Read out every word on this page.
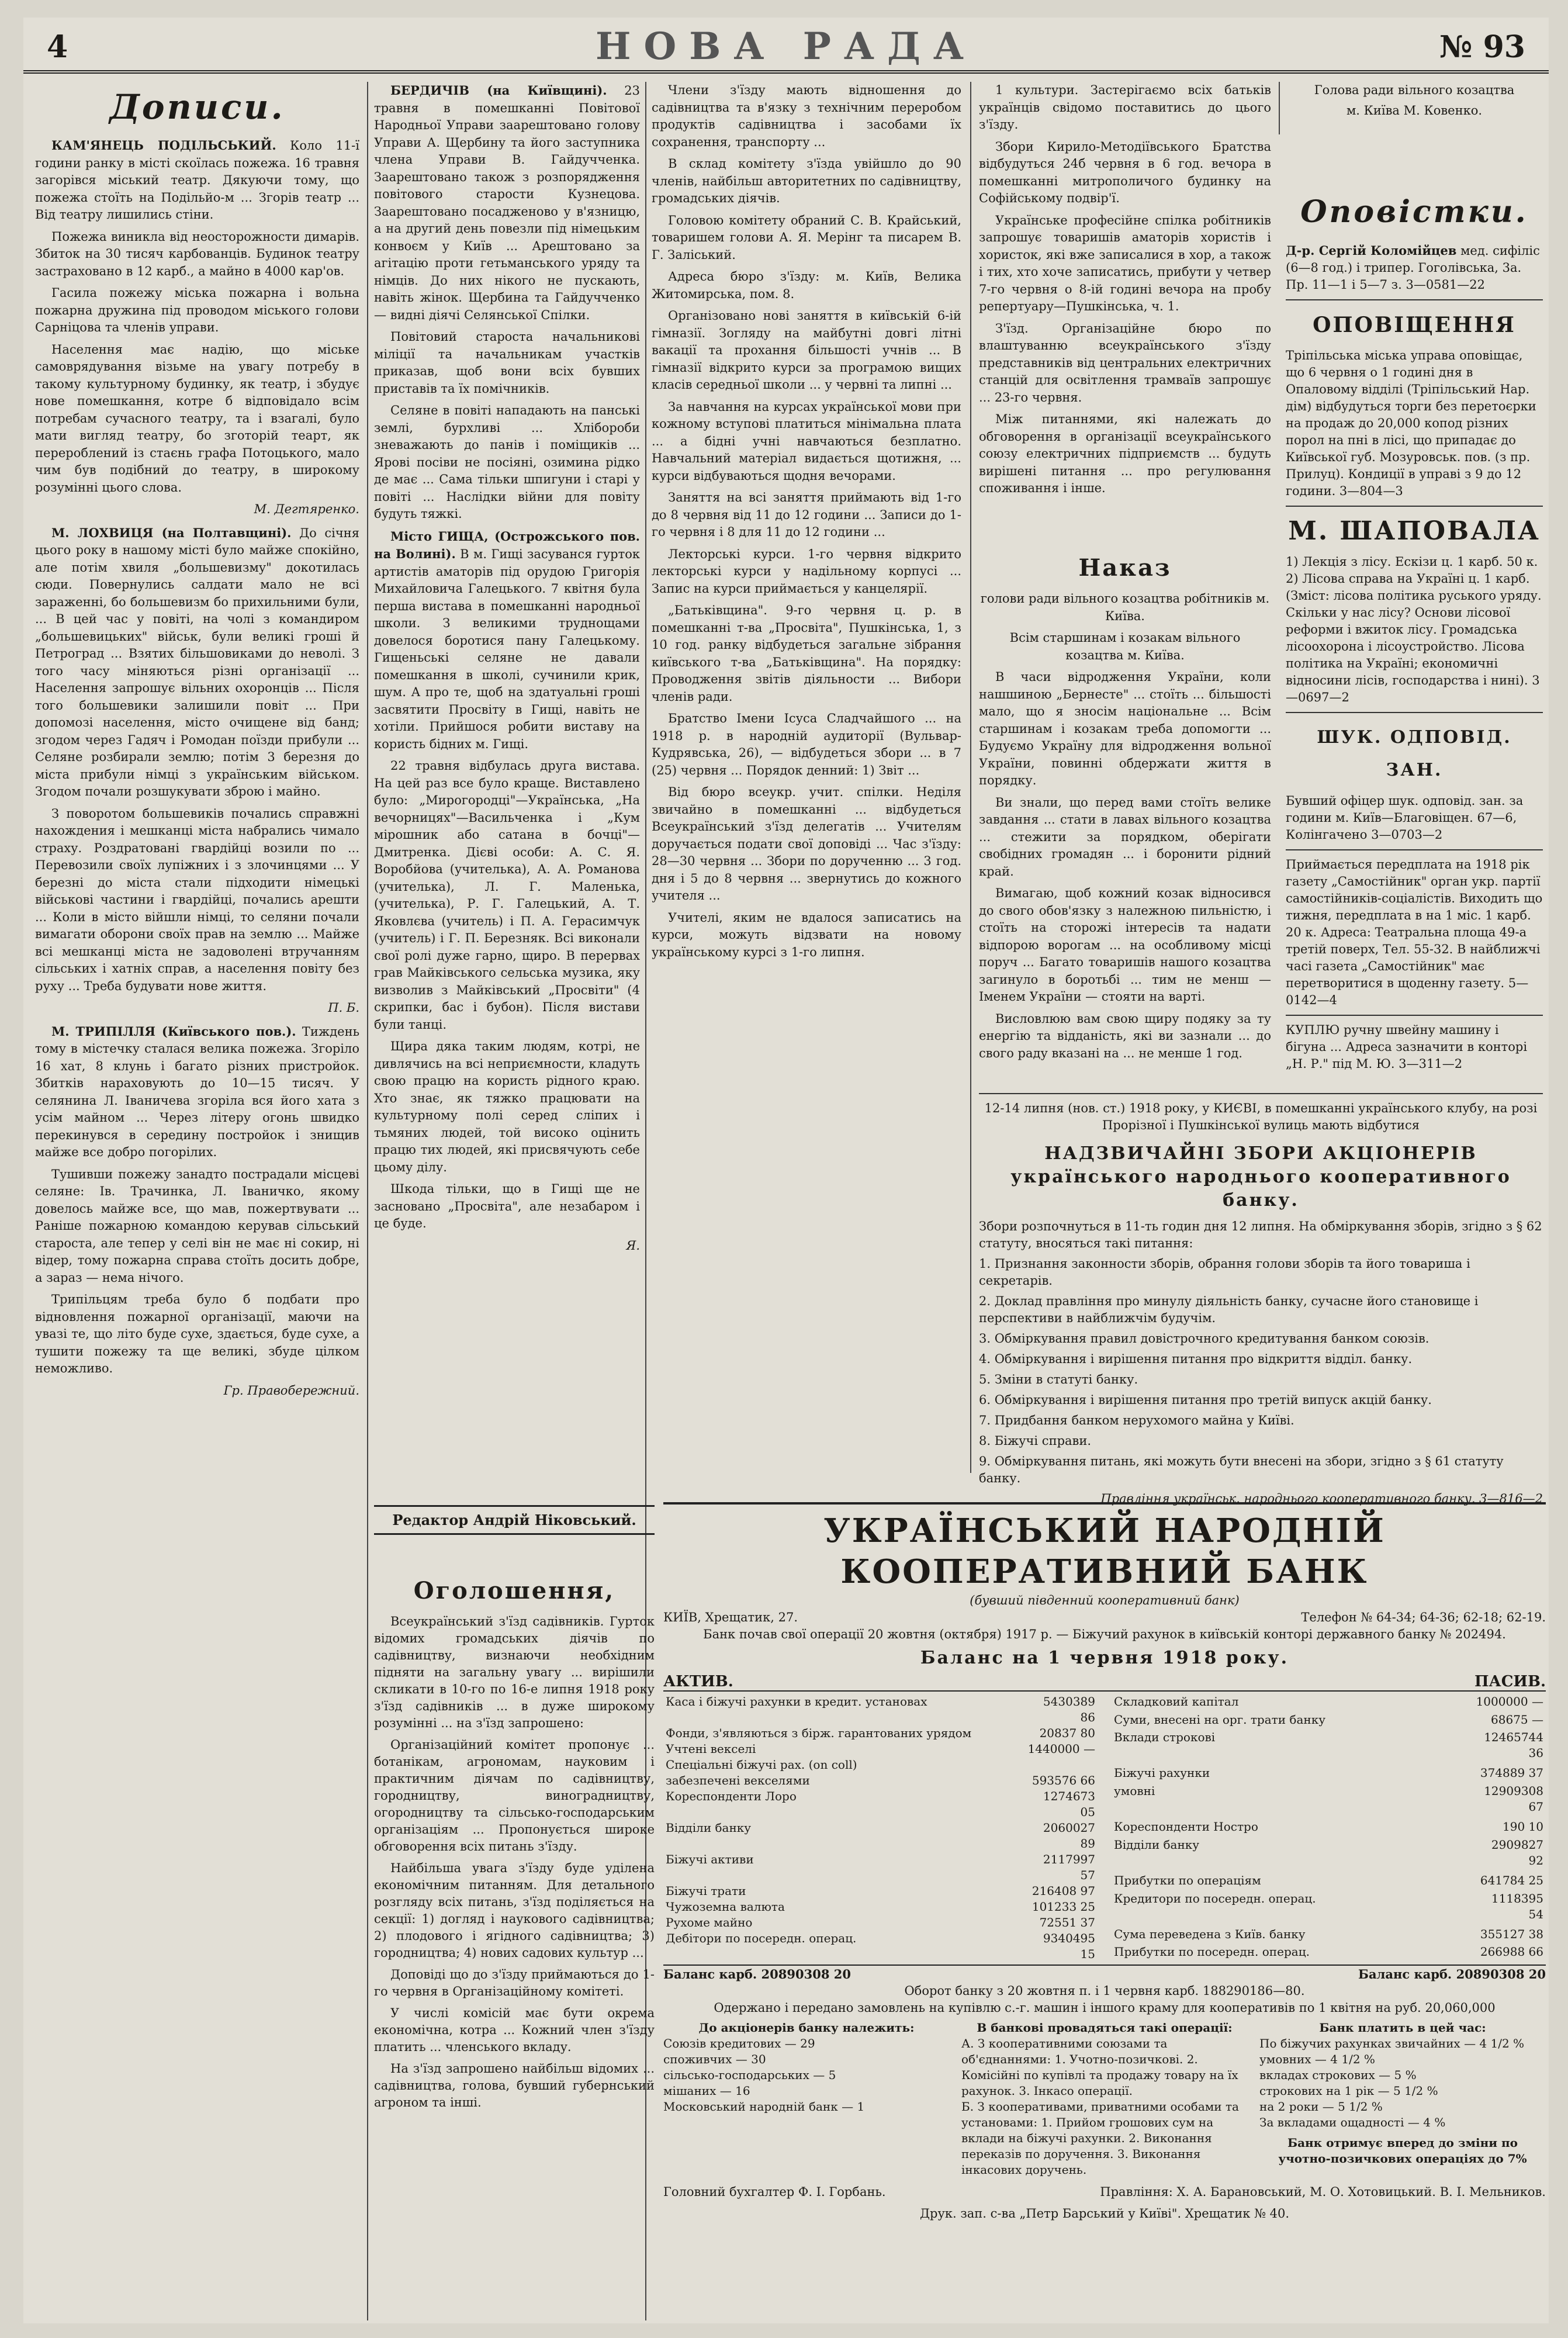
4	НОВА РАДА	№ 93
Дописи.

КАМ'ЯНЕЦЬ ПОДІЛЬСЬКИЙ. Коло 11-ї години ранку в місті скоїлась пожежа. 16 травня загорівся міський театр. Дякуючи тому, що пожежа стоїть на Подільйо-м ... Згорів театр ... Від театру лишились стіни.

Пожежа виникла від неосторожности димарів. Збиток на 30 тисяч карбованців. Будинок театру застраховано в 12 карб., а майно в 4000 кар'ов.

Гасила пожежу міська пожарна і вольна пожарна дружина під проводом міського голови Сарніцова та членів управи.

Населення має надію, що міське самоврядування візьме на увагу потребу в такому культурному будинку, як театр, і збудує нове помешкання, котре б відповідало всім потребам сучасного театру, та і взагалі, було мати вигляд театру, бо зготорій теарт, як перероблений із стаєнь графа Потоцького, мало чим був подібний до театру, в широкому розумінні цього слова.

М. Дегтяренко.

М. ЛОХВИЦЯ (на Полтавщині). До січня цього року в нашому місті було майже спокійно, але потім хвиля „большевизму" докотилась сюди. Повернулись салдати мало не всі зараженні, бо большевизм бо прихильними були, ... В цей час у повіті, на чолі з командиром „большевицьких" військ, були великі гроші й Петроград ... Взятих більшовиками до неволі. З того часу міняються різні організації ... Населення запрошує вільних охоронців ... Після того большевики залишили повіт ... При допомозі населення, місто очищене від банд; згодом через Гадяч і Ромодан поїзди прибули ... Селяне розбирали землю; потім 3 березня до міста прибули німці з українським військом. Згодом почали розшукувати зброю і майно.

З поворотом большевиків почались справжні нахождения і мешканці міста набрались чимало страху. Роздратовані гвардійці возили по ... Перевозили своїх лупіжних і з злочинцями ... У березні до міста стали підходити німецькі військові частини і гвардійці, почались арешти ... Коли в місто війшли німці, то селяни почали вимагати оборони своїх прав на землю ... Майже всі мешканці міста не задоволені втручанням сільських і хатніх справ, а населення повіту без руху ... Треба будувати нове життя.

П. Б.

М. ТРИПІЛЛЯ (Київського пов.). Тиждень тому в містечку сталася велика пожежа. Згоріло 16 хат, 8 клунь і багато різних пристройок. Збитків нараховують до 10—15 тисяч. У селянина Л. Іваничева згоріла вся його хата з усім майном ... Через літеру огонь швидко перекинувся в середину постройок і знищив майже все добро погорілих.

Тушивши пожежу занадто пострадали місцеві селяне: Ів. Трачинка, Л. Іваничко, якому довелось майже все, що мав, пожертвувати ... Раніше пожарною командою керував сільський староста, але тепер у селі він не має ні сокир, ні відер, тому пожарна справа стоїть досить добре, а зараз — нема нічого.

Трипільцям треба було б подбати про відновлення пожарної організації, маючи на увазі те, що літо буде сухе, здається, буде сухе, а тушити пожежу та ще великі, збуде цілком неможливо.

Гр. Правобережний.

БЕРДИЧІВ (на Київщині). 23 травня в помешканні Повітової Народньої Управи заарештовано голову Управи А. Щербину та його заступника члена Управи В. Гайдучченка. Заарештовано також з розпорядження повітового старости Кузнецова. Заарештовано посадженово у в'язницю, а на другий день повезли під німецьким конвоєм у Київ ... Арештовано за агітацію проти гетьманського уряду та німців. До них нікого не пускають, навіть жінок. Щербина та Гайдучченко — видні діячі Селянської Спілки.

Повітовий староста начальникові міліції та начальникам участків приказав, щоб вони всіх бувших приставів та їх помічників.

Селяне в повіті нападають на панські землі, бурхливі ... Хлібороби зневажають до панів і поміщиків ... Ярові посіви не посіяні, озимина рідко де має ... Сама тільки шпигуни і старі у повіті ... Наслідки війни для повіту будуть тяжкі.

Місто ГИЩА, (Острожського пов. на Волині). В м. Гищі засуванся гурток артистів аматорів під орудою Григорія Михайловича Галецького. 7 квітня була перша вистава в помешканні народньої школи. З великими труднощами довелося боротися пану Галецькому. Гищеньські селяне не давали помешкання в школі, сучинили крик, шум. А про те, щоб на здатуальні гроші засвятити Просвіту в Гищі, навіть не хотіли. Прийшося робити виставу на користь бідних м. Гищі.

22 травня відбулась друга вистава. На цей раз все було краще. Виставлено було: „Мирогородці"—Українська, „На вечорницях"—Васильченка і „Кум мірошник або сатана в бочці"—Дмитренка. Дієві особи: А. С. Я. Воробйова (учителька), А. А. Романова (учителька), Л. Г. Маленька, (учителька), Р. Г. Галецький, А. Т. Яковлєва (учитель) і П. А. Герасимчук (учитель) і Г. П. Березняк. Всі виконали свої ролі дуже гарно, щиро. В перервах грав Майківського сельська музика, яку визволив з Майківський „Просвіти" (4 скрипки, бас і бубон). Після вистави були танці.

Щира дяка таким людям, котрі, не дивлячись на всі неприємности, кладуть свою працю на користь рідного краю. Хто знає, як тяжко працювати на культурному полі серед сліпих і тьмяних людей, той високо оцінить працю тих людей, які присвячують себе цьому ділу.

Шкода тільки, що в Гищі ще не засновано „Просвіта", але незабаром і це буде.

Я.
Редактор Андрій Ніковський.
Оголошення,

Всеукраїнський з'їзд садівників. Гурток відомих громадських діячів по садівництву, визнаючи необхідним підняти на загальну увагу ... вирішили скликати в 10-го по 16-е липня 1918 року з'їзд садівників ... в дуже широкому розумінні ... на з'їзд запрошено:

Організаційний комітет пропонує ... ботанікам, агрономам, науковим і практичним діячам по садівництву, городництву, виноградництву, огородництву та сільсько-господарським організаціям ... Пропонується широке обговорення всіх питань з'їзду.

Найбільша увага з'їзду буде уділена економічним питанням. Для детального розгляду всіх питань, з'їзд поділяється на секції: 1) догляд і наукового садівництва; 2) плодового і ягідного садівництва; 3) городництва; 4) нових садових культур ...

Доповіді що до з'їзду приймаються до 1-го червня в Організаційному комітеті.

У числі комісій має бути окрема економічна, котра ... Кожний член з'їзду платить ... членського вкладу.

На з'їзд запрошено найбільш відомих ... садівництва, голова, бувший губернський агроном та інші.

Члени з'їзду мають відношення до садівництва та в'язку з технічним переробом продуктів садівництва і засобами їх сохранення, транспорту ...

В склад комітету з'їзда увійшло до 90 членів, найбільш авторитетних по садівництву, громадських діячів.

Головою комітету обраний С. В. Крайський, товаришем голови А. Я. Мерінг та писарем В. Г. Заліський.

Адреса бюро з'їзду: м. Київ, Велика Житомирська, пом. 8.

Організовано нові заняття в київській 6-ій гімназії. Зогляду на майбутні довгі літні вакації та прохання більшості учнів ... В гімназії відкрито курси за програмою вищих класів середньої школи ... у червні та липні ...

За навчання на курсах української мови при кожному вступові платиться мінімальна плата ... а бідні учні навчаються безплатно. Навчальний матеріал видається щотижня, ... курси відбуваються щодня вечорами.

Заняття на всі заняття приймають від 1-го до 8 червня від 11 до 12 години ... Записи до 1-го червня і 8 для 11 до 12 години ...

Лекторські курси. 1-го червня відкрито лекторські курси у надільному корпусі ... Запис на курси приймається у канцелярії.

„Батьківщина". 9-го червня ц. р. в помешканні т-ва „Просвіта", Пушкінська, 1, з 10 год. ранку відбудеться загальне зібрання київського т-ва „Батьківщина". На порядку: Проводження звітів діяльности ... Вибори членів ради.

Братство Імени Ісуса Сладчайшого ... на 1918 р. в народній аудиторії (Вульвар-Кудрявська, 26), — відбудеться збори ... в 7 (25) червня ... Порядок денний: 1) Звіт ...

Від бюро всеукр. учит. спілки. Неділя звичайно в помешканні ... відбудеться Всеукраїнський з'їзд делегатів ... Учителям доручається подати свої доповіді ... Час з'їзду: 28—30 червня ... Збори по дорученню ... 3 год. дня і 5 до 8 червня ... звернутись до кожного учителя ...

Учителі, яким не вдалося записатись на курси, можуть відзвати на новому українському курсі з 1-го липня.

1 культури. Застерігаємо всіх батьків українців свідомо поставитись до цього з'їзду.

Збори Кирило-Методіївського Братства відбудуться 24б червня в 6 год. вечора в помешканні митрополичого будинку на Софійському подвір'ї.

Українське професійне спілка робітників запрошує товаришів аматорів хористів і хористок, які вже записалися в хор, а також і тих, хто хоче записатись, прибути у четвер 7-го червня о 8-ій годині вечора на пробу репертуару—Пушкінська, ч. 1.

З'їзд. Організаційне бюро по влаштуванню всеукраїнського з'їзду представників від центральних електричних станцій для освітлення трамваїв запрошує ... 23-го червня.

Між питаннями, які належать до обговорення в організації всеукраїнського союзу електричних підприємств ... будуть вирішені питання ... про регулювання споживання і інше.

Наказ

голови ради вільного козацтва робітників м. Київа.

Всім старшинам і козакам вільного козацтва м. Київа.

В часи відродження України, коли нашшиною „Бернесте" ... стоїть ... більшості мало, що я зносім національне ... Всім старшинам і козакам треба допомогти ... Будуємо Україну для відродження вольної України, повинні обдержати життя в порядку.

Ви знали, що перед вами стоїть велике завдання ... стати в лавах вільного козацтва ... стежити за порядком, оберігати свобідних громадян ... і боронити рідний край.

Вимагаю, щоб кожний козак відносився до свого обов'язку з належною пильністю, і стоїть на сторожі інтересів та надати відпорою ворогам ... на особливому місці поруч ... Багато товаришів нашого козацтва загинуло в боротьбі ... тим не менш — Іменем України — стояти на варті.

Висловлюю вам свою щиру подяку за ту енергію та відданість, які ви зазнали ... до свого раду вказані на ... не менше 1 год.

Голова ради вільного козацтва

м. Київа М. Ковенко.

Оповістки.

Д-р. Сергій Коломійцев мед. сифіліс (6—8 год.) і трипер. Гоголівська, 3а. Пр. 11—1 і 5—7 з. 3—0581—22

ОПОВІЩЕННЯ

Тріпільська міська управа оповіщає, що 6 червня о 1 годині дня в Опаловому відділі (Тріпільський Нар. дім) відбудуться торги без перетоєрки на продаж до 20,000 копод різних порол на пні в лісі, що припадає до Київської губ. Мозуровськ. пов. (з пр. Прилуц). Кондиції в управі з 9 до 12 години. 3—804—3

М. ШАПОВАЛА

1) Лекція з лісу. Ескізи ц. 1 карб. 50 к. 2) Лісова справа на Україні ц. 1 карб. (Зміст: лісова політика руського уряду. Скільки у нас лісу? Основи лісової реформи і вжиток лісу. Громадська лісоохорона і лісоустройство. Лісова політика на Україні; економичні відносини лісів, господарства і нині). 3—0697—2

ШУК. ОДПОВІД. ЗАН.

Бувший офіцер шук. одповід. зан. за години м. Київ—Благовіщен. 67—6, Колінгачено 3—0703—2

Приймається передплата на 1918 рік газету „Самостійник" орган укр. партії самостійників-соціалістів. Виходить що тижня, передплата в на 1 міс. 1 карб. 20 к. Адреса: Театральна площа 49-а третій поверх, Тел. 55-32. В найближчі часі газета „Самостійник" має перетворитися в щоденну газету. 5—0142—4

КУПЛЮ ручну швейну машину і бігуна ... Адреса зазначити в конторі „Н. Р." під М. Ю. 3—311—2

12-14 липня (нов. ст.) 1918 року, у КИЄВІ, в помешканні українського клубу, на розі Прорізної і Пушкінської вулиць мають відбутися

НАДЗВИЧАЙНІ ЗБОРИ АКЦІОНЕРІВ українського народнього кооперативного банку.

Збори розпочнуться в 11-ть годин дня 12 липня. На обміркування зборів, згідно з § 62 статуту, вносяться такі питання:

1. Признання законности зборів, обрання голови зборів та його товариша і секретарів.

2. Доклад правління про минулу діяльність банку, сучасне його становище і перспективи в найближчім будучім.

3. Обміркування правил довістрочного кредитування банком союзів.

4. Обміркування і вирішення питання про відкриття відділ. банку.

5. Зміни в статуті банку.

6. Обміркування і вирішення питання про третій випуск акцій банку.

7. Придбання банком нерухомого майна у Київі.

8. Біжучі справи.

9. Обміркування питань, які можуть бути внесені на збори, згідно з § 61 статуту банку.

Правління українськ. народнього кооперативного банку. 3—816—2
УКРАЇНСЬКИЙ НАРОДНІЙ КООПЕРАТИВНИЙ БАНК
(бувший південний кооперативний банк)
КИЇВ, Хрещатик, 27.	Телефон № 64-34; 64-36; 62-18; 62-19.
Банк почав свої операції 20 жовтня (октября) 1917 р. — Біжучий рахунок в київській конторі державного банку № 202494.
Баланс на 1 червня 1918 року.
АКТИВ.	ПАСИВ.
Каса і біжучі рахунки в кредит. установах	5430389 86
Фонди, з'являються з бірж. гарантованих урядом	20837 80
Учтені векселі	1440000 —
Спеціальні біжучі рах. (on coll)	
забезпечені векселями	593576 66
Кореспонденти Лоро	1274673 05
Відділи банку	2060027 89
Біжучі активи	2117997 57
Біжучі трати	216408 97
Чужоземна валюта	101233 25
Рухоме майно	72551 37
Дебітори по посередн. операц.	9340495 15
Складковий капітал	1000000 —
Суми, внесені на орг. трати банку	68675 —
Вклади строкові	12465744 36
Біжучі рахунки	374889 37
умовні	12909308 67
Кореспонденти Ностро	190 10
Відділи банку	2909827 92
Прибутки по операціям	641784 25
Кредитори по посередн. операц.	1118395 54
Сума переведена з Київ. банку	355127 38
Прибутки по посередн. операц.	266988 66
Баланс карб. 20890308 20	Баланс карб. 20890308 20
Оборот банку з 20 жовтня п. і 1 червня карб. 188290186—80.
Одержано і передано замовлень на купівлю с.-г. машин і іншого краму для кооперативів по 1 квітня на руб. 20,060,000
До акціонерів банку належить:
Союзів кредитових — 29
споживчих — 30
сільсько-господарських — 5
мішаних — 16
Московський народній банк — 1
В банкові провадяться такі операції:
А. З кооперативними союзами та об'єднаннями: 1. Учотно-позичкові. 2. Комісійні по купівлі та продажу товару на їх рахунок. 3. Інкасо операції.
Б. З кооперативами, приватними особами та установами: 1. Прийом грошових сум на вклади на біжучі рахунки. 2. Виконання переказів по доручення. 3. Виконання інкасових доручень.
Банк платить в цей час:
По біжучих рахунках звичайних — 4 1/2 %
умовних — 4 1/2 %
вкладах строкових — 5 %
строкових на 1 рік — 5 1/2 %
на 2 роки — 5 1/2 %
За вкладами ощадності — 4 %
Банк отримує вперед до зміни по учотно-позичкових операціях до 7%
Головний бухгалтер Ф. І. Горбань.	Правління: Х. А. Барановський, М. О. Хотовицький. В. І. Мельников.
Друк. зап. с-ва „Петр Барський у Київі". Хрещатик № 40.
